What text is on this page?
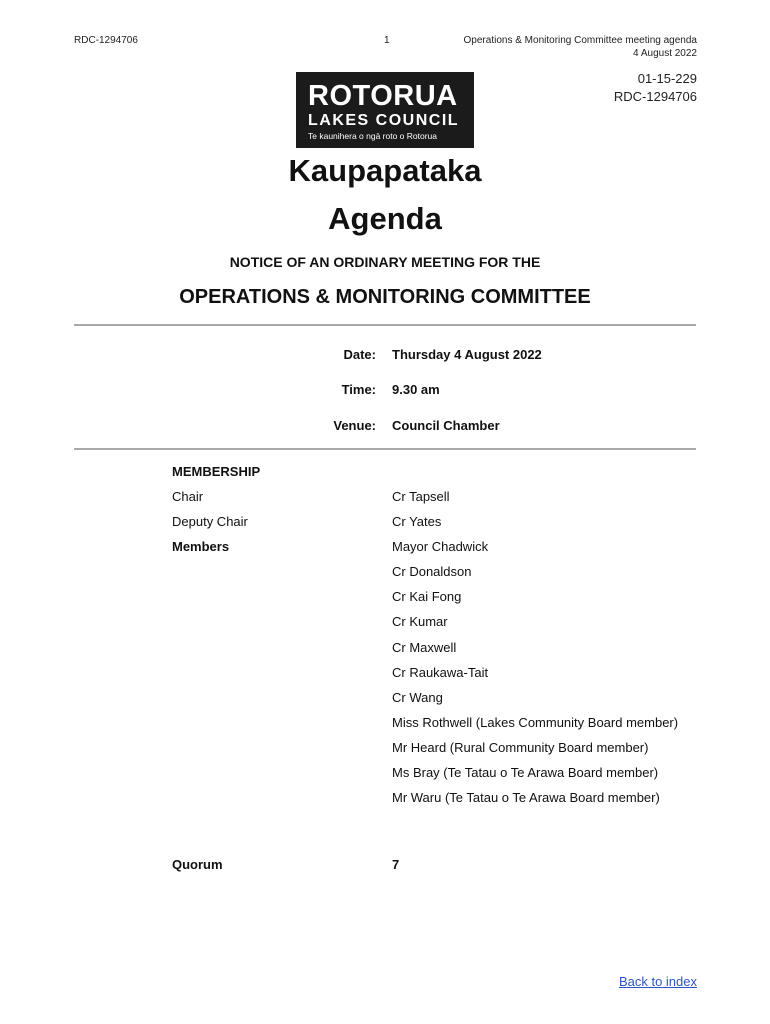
RDC-1294706	1	Operations & Monitoring Committee meeting agenda
4 August 2022
ROTORUA
LAKES COUNCIL
Te kaunihera o ngā roto o Rotorua
01-15-229
RDC-1294706
Kaupapataka
Agenda
NOTICE OF AN ORDINARY MEETING FOR THE
OPERATIONS & MONITORING COMMITTEE
Date: Thursday 4 August 2022
Time: 9.30 am
Venue: Council Chamber
MEMBERSHIP
Chair	Cr Tapsell
Deputy Chair	Cr Yates
Members	Mayor Chadwick
Cr Donaldson
Cr Kai Fong
Cr Kumar
Cr Maxwell
Cr Raukawa-Tait
Cr Wang
Miss Rothwell (Lakes Community Board member)
Mr Heard (Rural Community Board member)
Ms Bray (Te Tatau o Te Arawa Board member)
Mr Waru (Te Tatau o Te Arawa Board member)
Quorum	7
Back to index
